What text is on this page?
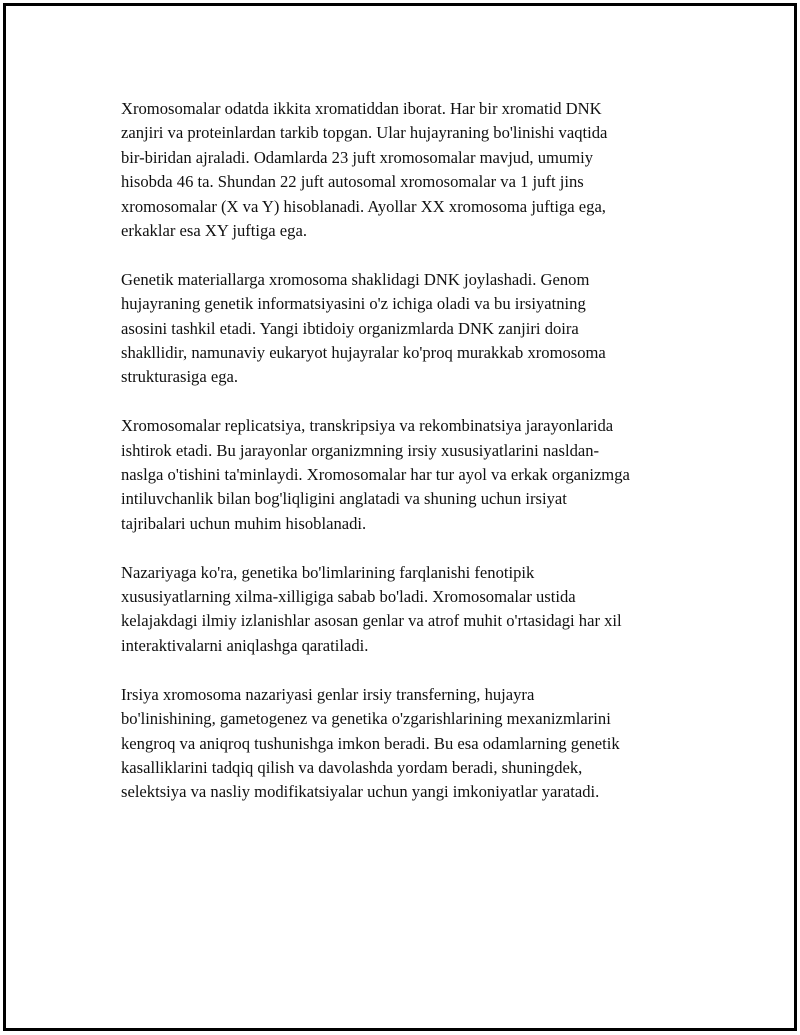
Xromosomalar odatda ikkita xromatiddan iborat. Har bir xromatid DNK
zanjiri va proteinlardan tarkib topgan. Ular hujayraning bo'linishi vaqtida
bir-biridan ajraladi. Odamlarda 23 juft xromosomalar mavjud, umumiy
hisobda 46 ta. Shundan 22 juft autosomal xromosomalar va 1 juft jins
xromosomalar (X va Y) hisoblanadi. Ayollar XX xromosoma juftiga ega,
erkaklar esa XY juftiga ega.

Genetik materiallarga xromosoma shaklidagi DNK joylashadi. Genom
hujayraning genetik informatsiyasini o'z ichiga oladi va bu irsiyatning
asosini tashkil etadi. Yangi ibtidoiy organizmlarda DNK zanjiri doira
shakllidir, namunaviy eukaryot hujayralar ko'proq murakkab xromosoma
strukturasiga ega.

Xromosomalar replicatsiya, transkripsiya va rekombinatsiya jarayonlarida
ishtirok etadi. Bu jarayonlar organizmning irsiy xususiyatlarini nasldan-
naslga o'tishini ta'minlaydi. Xromosomalar har tur ayol va erkak organizmga
intiluvchanlik bilan bog'liqligini anglatadi va shuning uchun irsiyat
tajribalari uchun muhim hisoblanadi.

Nazariyaga ko'ra, genetika bo'limlarining farqlanishi fenotipik
xususiyatlarning xilma-xilligiga sabab bo'ladi. Xromosomalar ustida
kelajakdagi ilmiy izlanishlar asosan genlar va atrof muhit o'rtasidagi har xil
interaktivalarni aniqlashga qaratiladi.

Irsiya xromosoma nazariyasi genlar irsiy transferning, hujayra
bo'linishining, gametogenez va genetika o'zgarishlarining mexanizmlarini
kengroq va aniqroq tushunishga imkon beradi. Bu esa odamlarning genetik
kasalliklarini tadqiq qilish va davolashda yordam beradi, shuningdek,
selektsiya va nasliy modifikatsiyalar uchun yangi imkoniyatlar yaratadi.
